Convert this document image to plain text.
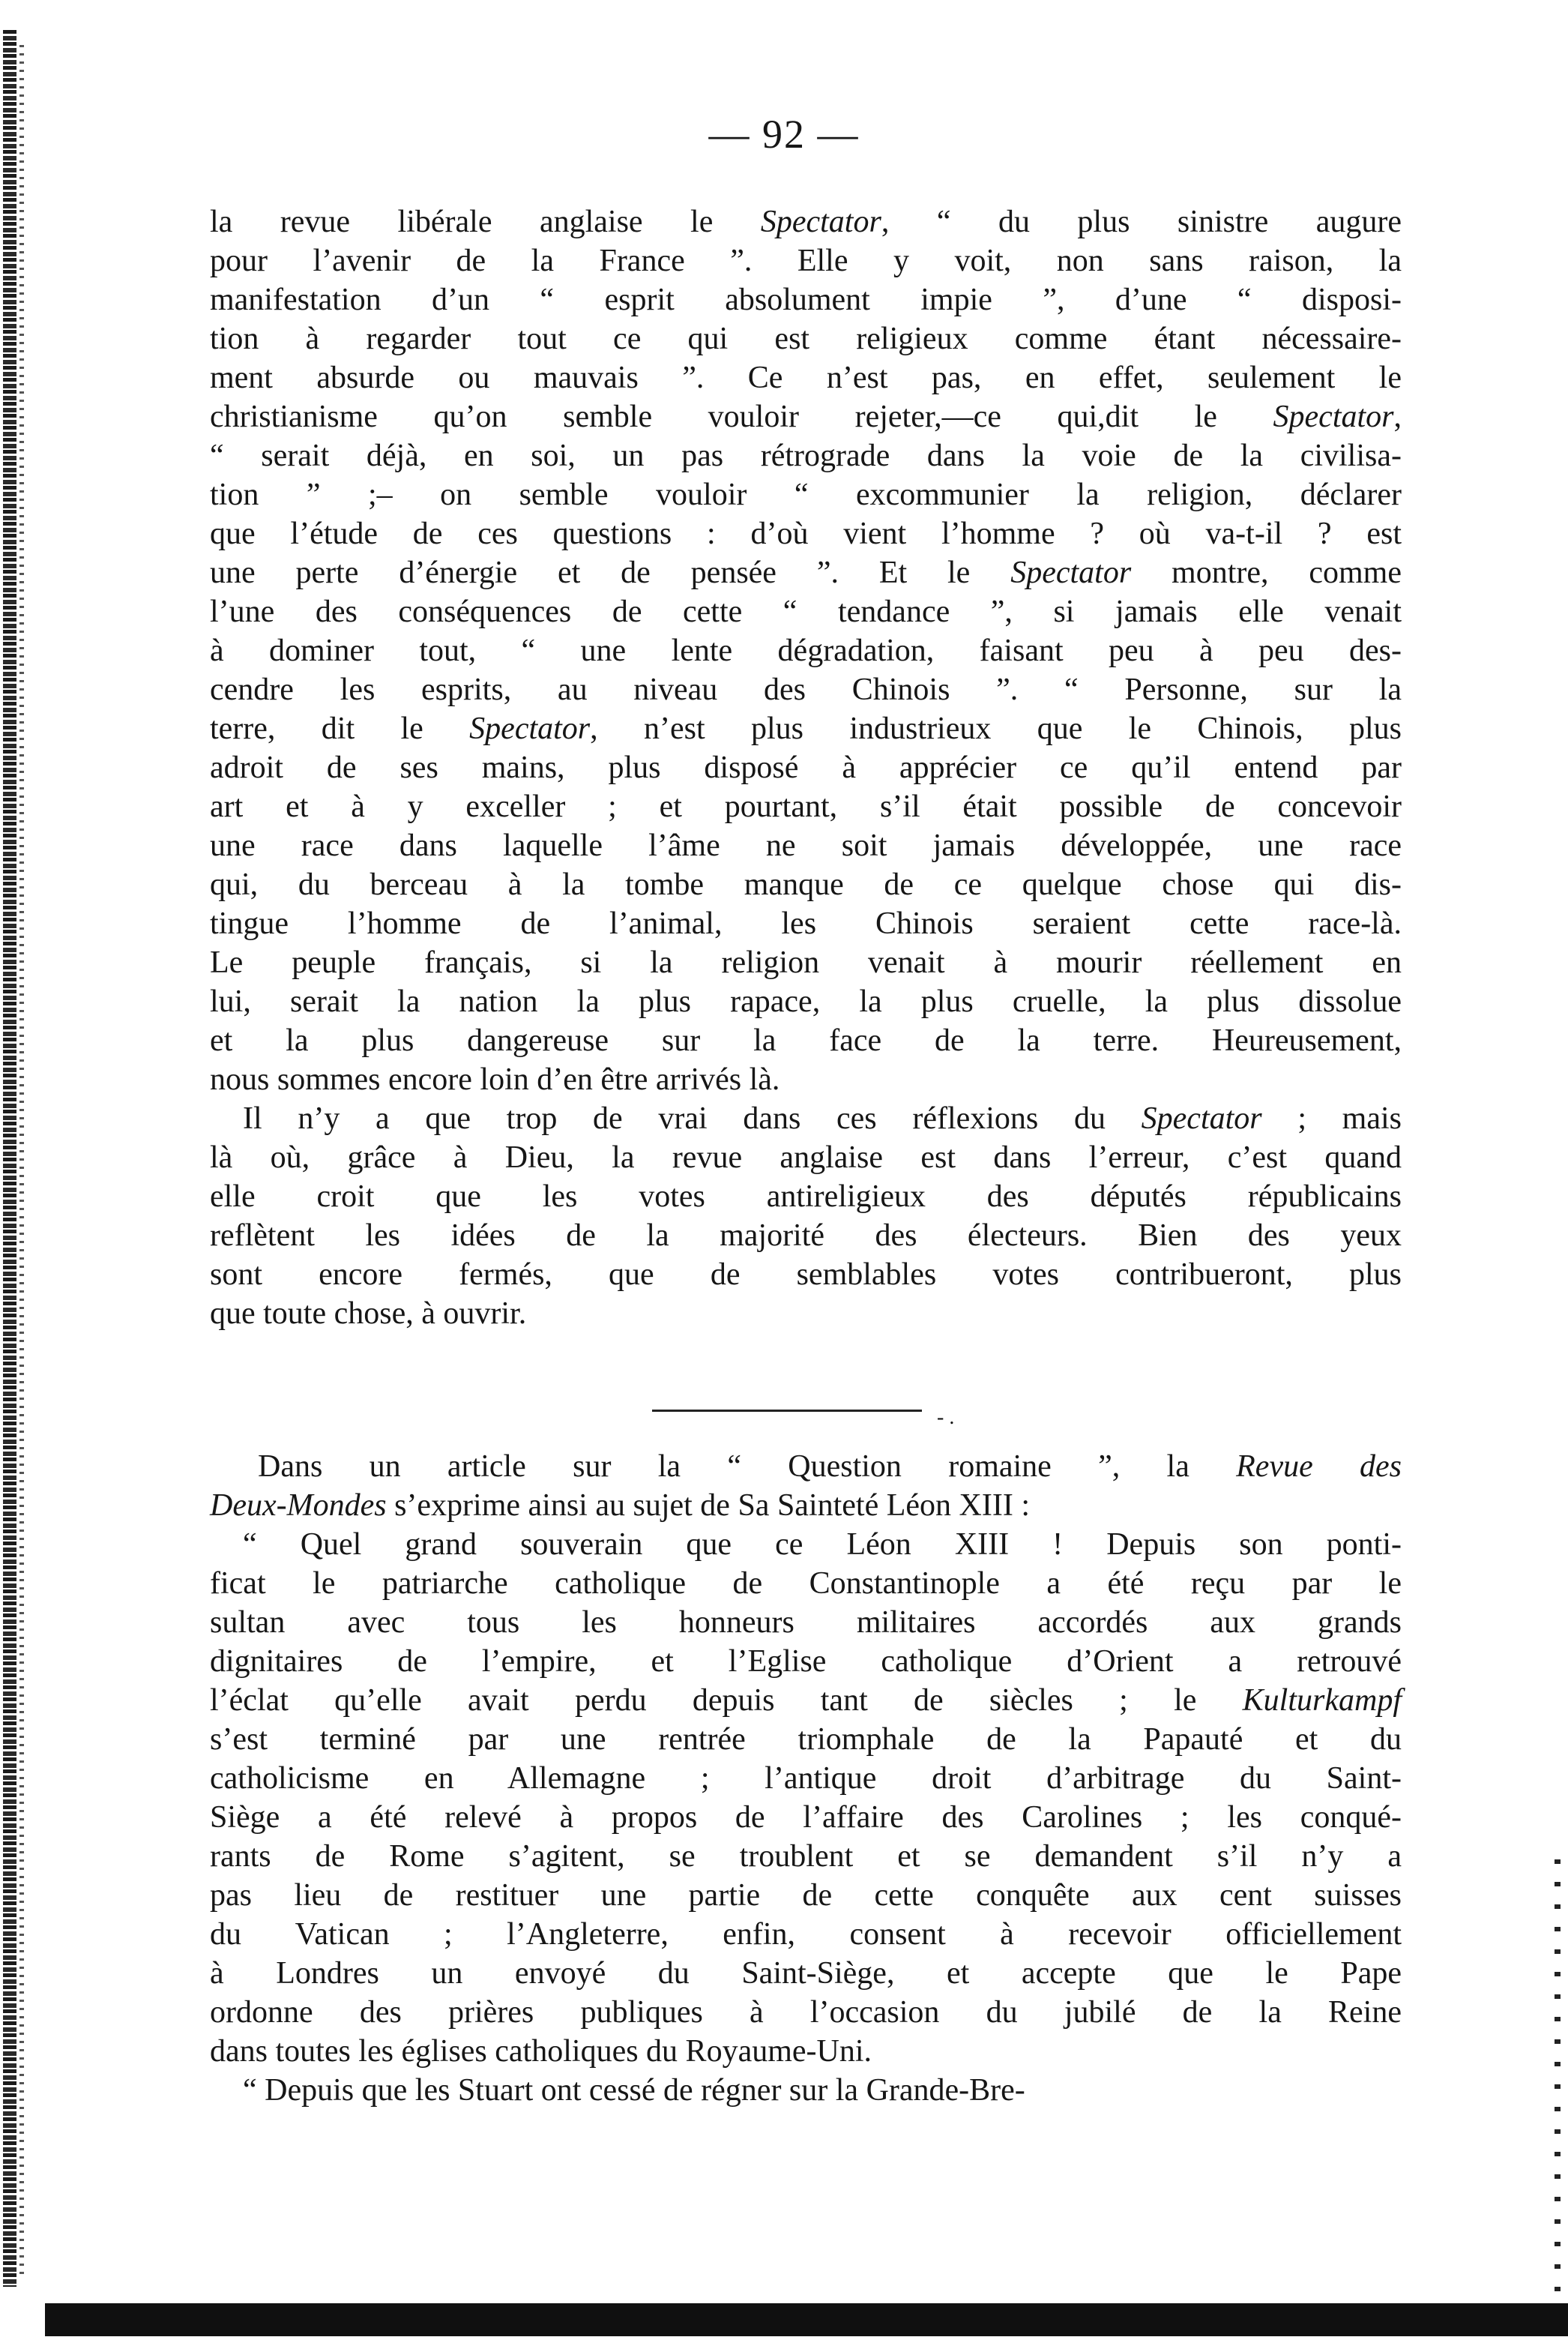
— 92 —
la revue libérale anglaise le Spectator, “ du plus sinistre augure
pour l’avenir de la France ”. Elle y voit, non sans raison, la
manifestation d’un “ esprit absolument impie ”, d’une “ disposi-
tion à regarder tout ce qui est religieux comme étant nécessaire-
ment absurde ou mauvais ”. Ce n’est pas, en effet, seulement le
christianisme qu’on semble vouloir rejeter,—ce qui,dit le Spectator,
“ serait déjà, en soi, un pas rétrograde dans la voie de la civilisa-
tion ” ;– on semble vouloir “ excommunier la religion, déclarer
que l’étude de ces questions : d’où vient l’homme ? où va-t-il ? est
une perte d’énergie et de pensée ”. Et le Spectator montre, comme
l’une des conséquences de cette “ tendance ”, si jamais elle venait
à dominer tout, “ une lente dégradation, faisant peu à peu des-
cendre les esprits, au niveau des Chinois ”. “ Personne, sur la
terre, dit le Spectator, n’est plus industrieux que le Chinois, plus
adroit de ses mains, plus disposé à apprécier ce qu’il entend par
art et à y exceller ; et pourtant, s’il était possible de concevoir
une race dans laquelle l’âme ne soit jamais développée, une race
qui, du berceau à la tombe manque de ce quelque chose qui dis-
tingue l’homme de l’animal, les Chinois seraient cette race-là.
Le peuple français, si la religion venait à mourir réellement en
lui, serait la nation la plus rapace, la plus cruelle, la plus dissolue
et la plus dangereuse sur la face de la terre. Heureusement,
nous sommes encore loin d’en être arrivés là.
Il n’y a que trop de vrai dans ces réflexions du Spectator ; mais
là où, grâce à Dieu, la revue anglaise est dans l’erreur, c’est quand
elle croit que les votes antireligieux des députés républicains
reflètent les idées de la majorité des électeurs. Bien des yeux
sont encore fermés, que de semblables votes contribueront, plus
que toute chose, à ouvrir.
- .
Dans un article sur la “ Question romaine ”, la Revue des
Deux-Mondes s’exprime ainsi au sujet de Sa Sainteté Léon XIII :
“ Quel grand souverain que ce Léon XIII ! Depuis son ponti-
ficat le patriarche catholique de Constantinople a été reçu par le
sultan avec tous les honneurs militaires accordés aux grands
dignitaires de l’empire, et l’Eglise catholique d’Orient a retrouvé
l’éclat qu’elle avait perdu depuis tant de siècles ; le Kulturkampf
s’est terminé par une rentrée triomphale de la Papauté et du
catholicisme en Allemagne ; l’antique droit d’arbitrage du Saint-
Siège a été relevé à propos de l’affaire des Carolines ; les conqué-
rants de Rome s’agitent, se troublent et se demandent s’il n’y a
pas lieu de restituer une partie de cette conquête aux cent suisses
du Vatican ; l’Angleterre, enfin, consent à recevoir officiellement
à Londres un envoyé du Saint-Siège, et accepte que le Pape
ordonne des prières publiques à l’occasion du jubilé de la Reine
dans toutes les églises catholiques du Royaume-Uni.
“ Depuis que les Stuart ont cessé de régner sur la Grande-Bre-
